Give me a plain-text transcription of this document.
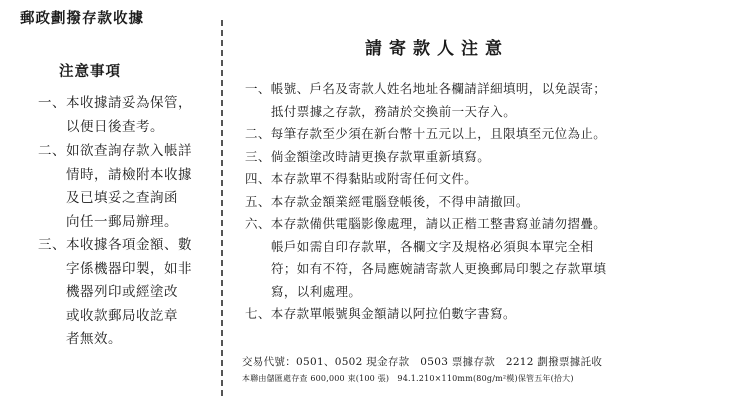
郵政劃撥存款收據
注意事項
一、本收據請妥為保管，
以便日後查考。
二、如欲查詢存款入帳詳
情時，請檢附本收據
及已填妥之查詢函
向任一郵局辦理。
三、本收據各項金額、數
字係機器印製，如非
機器列印或經塗改
或收款郵局收訖章
者無效。
請寄款人注意
一、帳號、戶名及寄款人姓名地址各欄請詳細填明，以免誤寄；
抵付票據之存款，務請於交換前一天存入。
二、每筆存款至少須在新台幣十五元以上，且限填至元位為止。
三、倘金額塗改時請更換存款單重新填寫。
四、本存款單不得黏貼或附寄任何文件。
五、本存款金額業經電腦登帳後，不得申請撤回。
六、本存款備供電腦影像處理，請以正楷工整書寫並請勿摺疊。
帳戶如需自印存款單，各欄文字及規格必須與本單完全相
符；如有不符，各局應婉請寄款人更換郵局印製之存款單填
寫，以利處理。
七、本存款單帳號與金額請以阿拉伯數字書寫。
交易代號：0501、0502 現金存款　0503 票據存款　2212 劃撥票據託收
本聯由儲匯處存查 600,000 束(100 張)　94.1.210×110mm(80g/m²模)保管五年(拾大)
